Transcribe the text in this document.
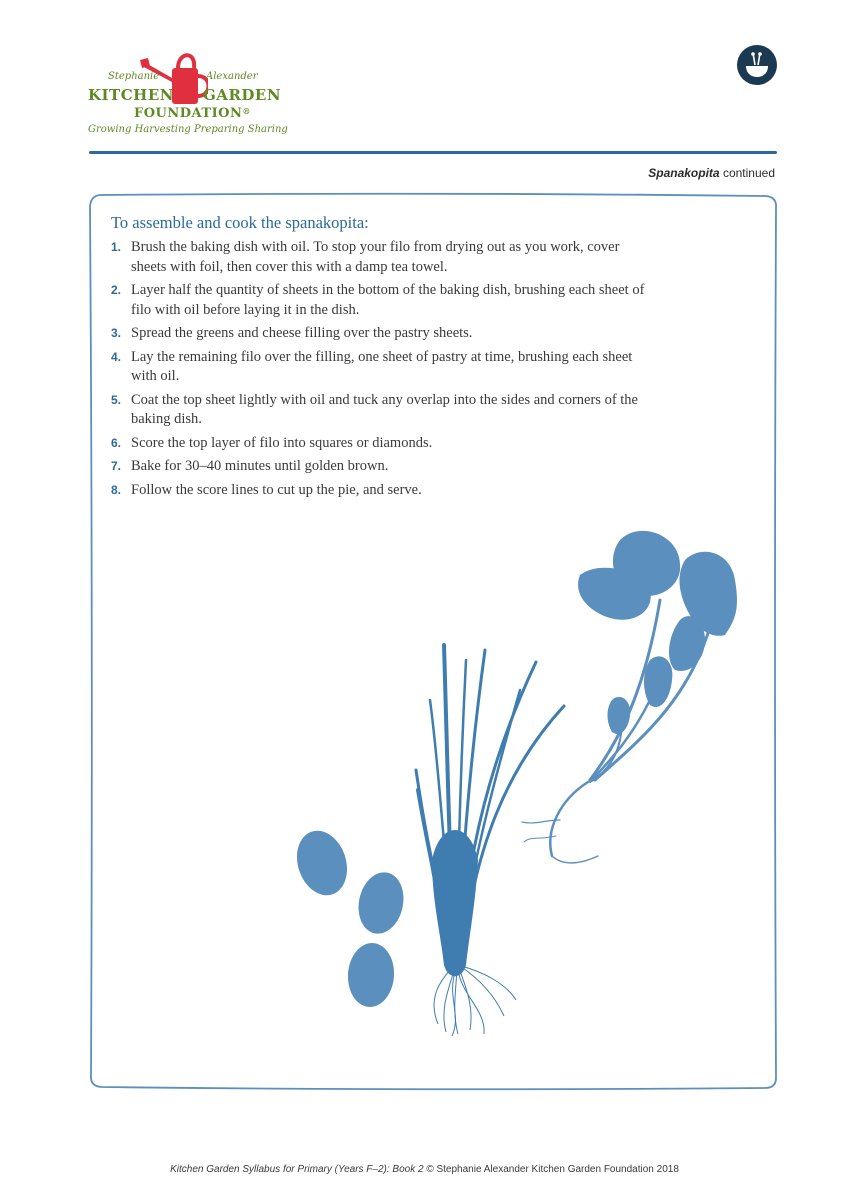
Stephanie	Alexander
KITCHEN GARDEN
FOUNDATION®
Growing Harvesting Preparing Sharing
Spanakopita continued
To assemble and cook the spanakopita:
1. Brush the baking dish with oil. To stop your filo from drying out as you work, cover sheets with foil, then cover this with a damp tea towel.
2. Layer half the quantity of sheets in the bottom of the baking dish, brushing each sheet of filo with oil before laying it in the dish.
3. Spread the greens and cheese filling over the pastry sheets.
4. Lay the remaining filo over the filling, one sheet of pastry at time, brushing each sheet with oil.
5. Coat the top sheet lightly with oil and tuck any overlap into the sides and corners of the baking dish.
6. Score the top layer of filo into squares or diamonds.
7. Bake for 30–40 minutes until golden brown.
8. Follow the score lines to cut up the pie, and serve.
Kitchen Garden Syllabus for Primary (Years F–2): Book 2 © Stephanie Alexander Kitchen Garden Foundation 2018
